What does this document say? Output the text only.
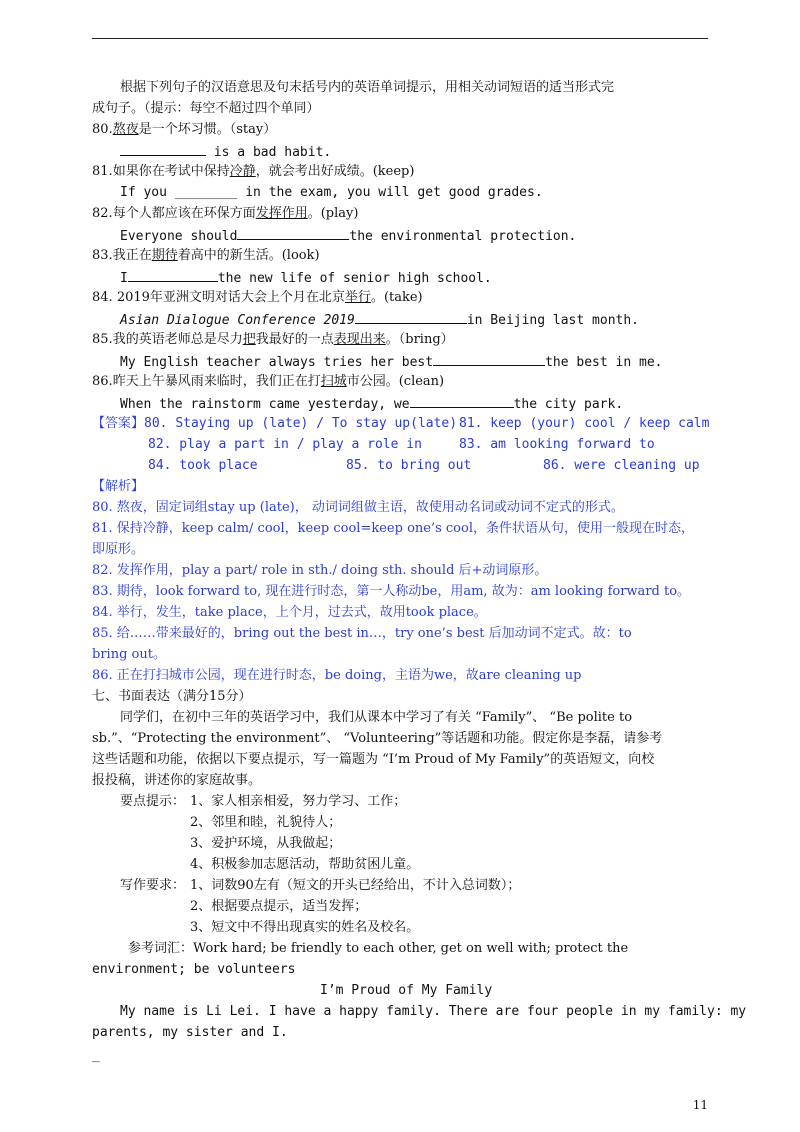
根据下列句子的汉语意思及句末括号内的英语单词提示，用相关动词短语的适当形式完
成句子。（提示：每空不超过四个单同）
80.熬夜是一个坏习惯。（stay）
is a bad habit.
81.如果你在考试中保持冷静，就会考出好成绩。(keep)
If you ________ in the exam, you will get good grades.
82.每个人都应该在环保方面发挥作用。(play)
Everyone should	the environmental protection.
83.我正在期待着高中的新生活。(look)
I	the new life of senior high school.
84. 2019年亚洲文明对话大会上个月在北京举行。(take)
Asian Dialogue Conference 2019	in Beijing last month.
85.我的英语老师总是尽力把我最好的一点表现出来。（bring）
My English teacher always tries her best	the best in me.
86.昨天上午暴风雨来临时，我们正在打扫城市公园。(clean)
When the rainstorm came yesterday, we	the city park.
【答案】80. Staying up (late) / To stay up(late) 81. keep (your) cool / keep calm
82. play a part in / play a role in	83. am looking forward to
84. took place	85. to bring out	86. were cleaning up
【解析】
80. 熬夜，固定词组stay up (late)， 动词词组做主语，故使用动名词或动词不定式的形式。
81. 保持冷静，keep calm/ cool，keep cool=keep one’s cool，条件状语从句，使用一般现在时态，
即原形。
82. 发挥作用，play a part/ role in sth./ doing sth. should 后+动词原形。
83. 期待，look forward to, 现在进行时态，第一人称动be，用am, 故为：am looking forward to。
84. 举行，发生，take place，上个月，过去式，故用took place。
85. 给……带来最好的，bring out the best in…，try one’s best 后加动词不定式。故：to
bring out。
86. 正在打扫城市公园，现在进行时态，be doing，主语为we，故are cleaning up
七、书面表达（满分15分）
同学们，在初中三年的英语学习中，我们从课本中学习了有关 “Family”、 “Be polite to
sb.”、“Protecting the environment”、 “Volunteering”等话题和功能。假定你是李磊，请参考
这些话题和功能，依据以下要点提示，写一篇题为 “I’m Proud of My Family”的英语短文，向校
报投稿，讲述你的家庭故事。
要点提示： 1、家人相亲相爱，努力学习、工作；
2、邻里和睦，礼貌待人；
3、爱护环境，从我做起；
4、积极参加志愿活动，帮助贫困儿童。
写作要求： 1、词数90左有（短文的开头已经给出，不计入总词数）；
2、根据要点提示，适当发挥；
3、短文中不得出现真实的姓名及校名。
参考词汇：Work hard; be friendly to each other, get on well with; protect the
environment; be volunteers
I’m Proud of My Family
My name is Li Lei. I have a happy family. There are four people in my family: my
parents, my sister and I.
_
11
